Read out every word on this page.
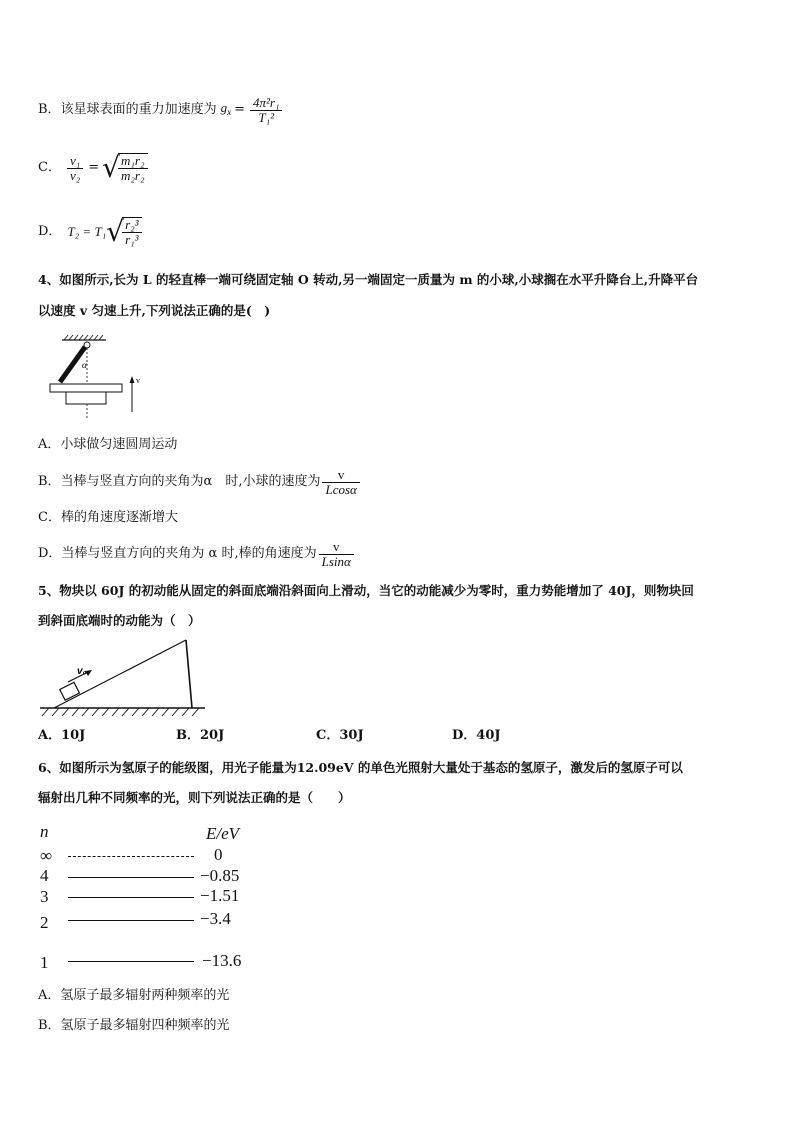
B． 该星球表面的重力加速度为 $g_x = \frac{\text{4π²r₁}}{\text{T₁²}}$
C． $\frac{\text{v₁}}{\text{v₂}}$ = √
$\frac{\text{m₁r₂}}{\text{m₂r₂}}$
D． T₂ = T₁ √
$\frac{\text{r₂³}}{\text{r₁³}}$
4、如图所示,长为 L 的轻直棒一端可绕固定轴 O 转动,另一端固定一质量为 m 的小球,小球搁在水平升降台上,升降平台
以速度 v 匀速上升,下列说法正确的是(　)
α
v
A．小球做匀速圆周运动
B．当棒与竖直方向的夹角为α　时,小球的速度为 $\frac{v}{Lcos\alpha}$
C．棒的角速度逐渐增大
D．当棒与竖直方向的夹角为 α 时,棒的角速度为 $\frac{v}{Lsin\alpha}$
5、物块以 60J 的初动能从固定的斜面底端沿斜面向上滑动，当它的动能减少为零时，重力势能增加了 40J，则物块回
到斜面底端时的动能为（　）
v₀
A．10J	B．20J	C．30J	D．40J
6、如图所示为氢原子的能级图，用光子能量为12.09eV 的单色光照射大量处于基态的氢原子，激发后的氢原子可以
辐射出几种不同频率的光，则下列说法正确的是（　　）
n	E/eV
∞	0
4	−0.85
3	−1.51
2	−3.4
1	−13.6
A．氢原子最多辐射两种频率的光
B．氢原子最多辐射四种频率的光
